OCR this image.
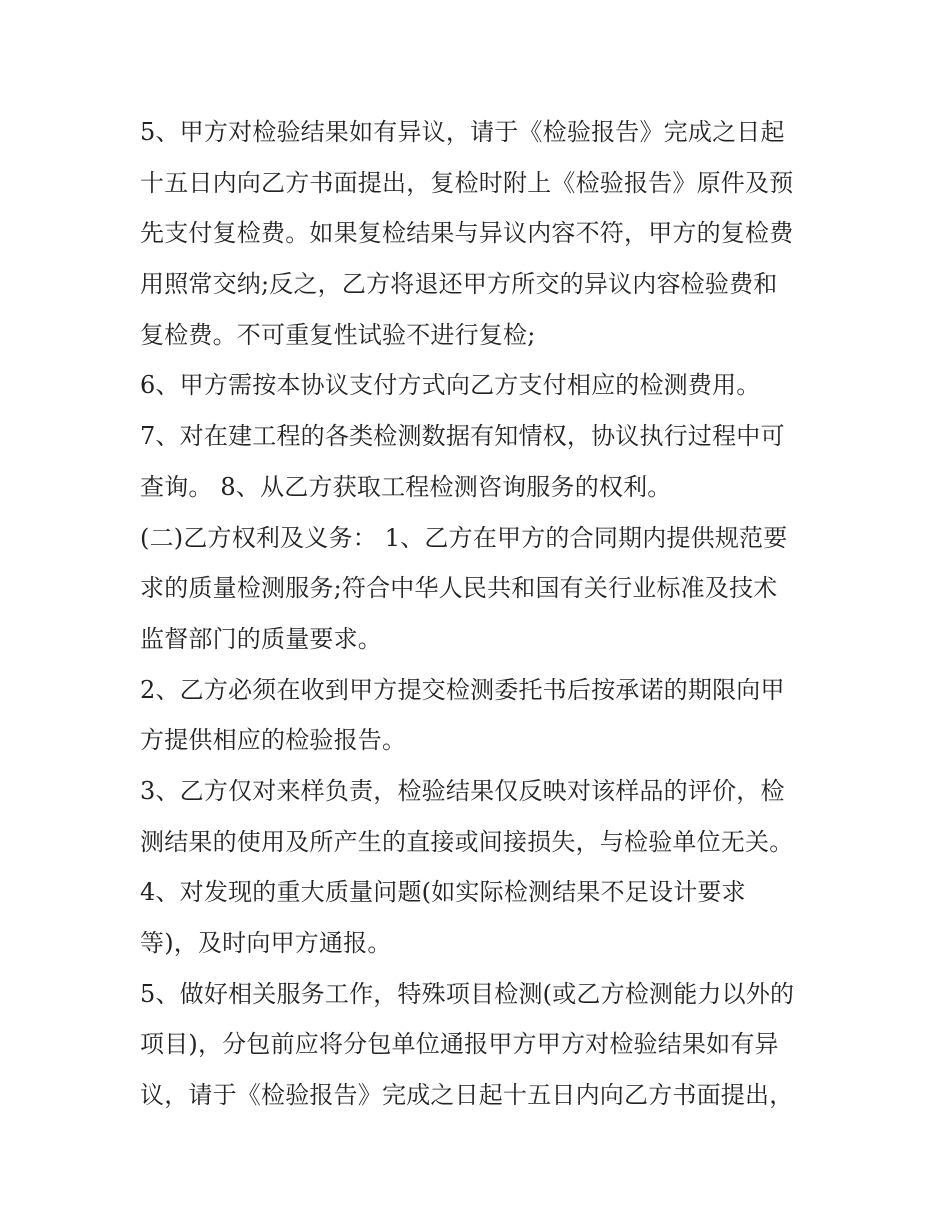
5、甲方对检验结果如有异议，请于《检验报告》完成之日起
十五日内向乙方书面提出，复检时附上《检验报告》原件及预
先支付复检费。如果复检结果与异议内容不符，甲方的复检费
用照常交纳;反之，乙方将退还甲方所交的异议内容检验费和
复检费。不可重复性试验不进行复检;
6、甲方需按本协议支付方式向乙方支付相应的检测费用。
7、对在建工程的各类检测数据有知情权，协议执行过程中可
查询。 8、从乙方获取工程检测咨询服务的权利。
(二)乙方权利及义务： 1、乙方在甲方的合同期内提供规范要
求的质量检测服务;符合中华人民共和国有关行业标准及技术
监督部门的质量要求。
2、乙方必须在收到甲方提交检测委托书后按承诺的期限向甲
方提供相应的检验报告。
3、乙方仅对来样负责，检验结果仅反映对该样品的评价，检
测结果的使用及所产生的直接或间接损失，与检验单位无关。
4、对发现的重大质量问题(如实际检测结果不足设计要求
等)，及时向甲方通报。
5、做好相关服务工作，特殊项目检测(或乙方检测能力以外的
项目)，分包前应将分包单位通报甲方甲方对检验结果如有异
议，请于《检验报告》完成之日起十五日内向乙方书面提出，
